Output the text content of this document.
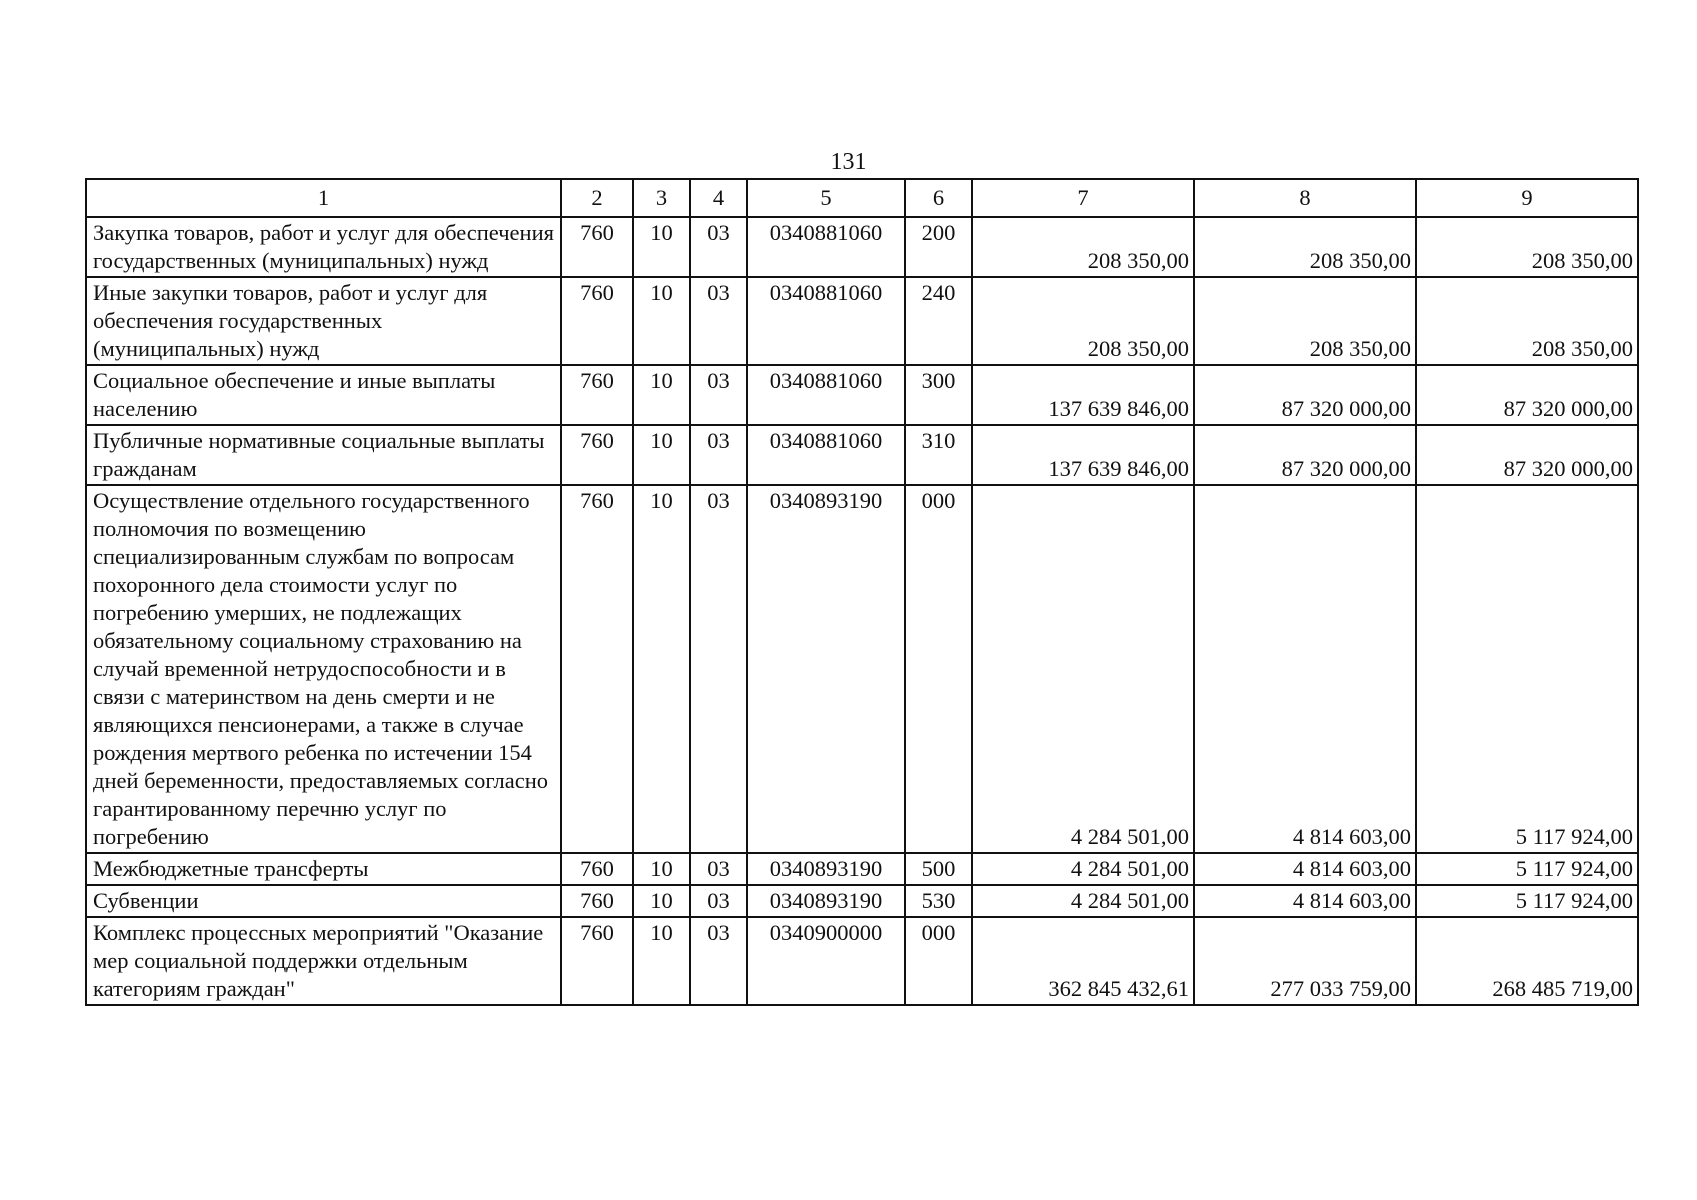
131
1	2	3	4	5	6	7	8	9
Закупка товаров, работ и услуг для обеспечения государственных (муниципальных) нужд	760	10	03	0340881060	200	208 350,00	208 350,00	208 350,00
Иные закупки товаров, работ и услуг для обеспечения государственных (муниципальных) нужд	760	10	03	0340881060	240	208 350,00	208 350,00	208 350,00
Социальное обеспечение и иные выплаты населению	760	10	03	0340881060	300	137 639 846,00	87 320 000,00	87 320 000,00
Публичные нормативные социальные выплаты гражданам	760	10	03	0340881060	310	137 639 846,00	87 320 000,00	87 320 000,00
Осуществление отдельного государственного полномочия по возмещению специализированным службам по вопросам похоронного дела стоимости услуг по погребению умерших, не подлежащих обязательному социальному страхованию на случай временной нетрудоспособности и в связи с материнством на день смерти и не являющихся пенсионерами, а также в случае рождения мертвого ребенка по истечении 154 дней беременности, предоставляемых согласно гарантированному перечню услуг по погребению	760	10	03	0340893190	000	4 284 501,00	4 814 603,00	5 117 924,00
Межбюджетные трансферты	760	10	03	0340893190	500	4 284 501,00	4 814 603,00	5 117 924,00
Субвенции	760	10	03	0340893190	530	4 284 501,00	4 814 603,00	5 117 924,00
Комплекс процессных мероприятий "Оказание мер социальной поддержки отдельным категориям граждан"	760	10	03	0340900000	000	362 845 432,61	277 033 759,00	268 485 719,00
